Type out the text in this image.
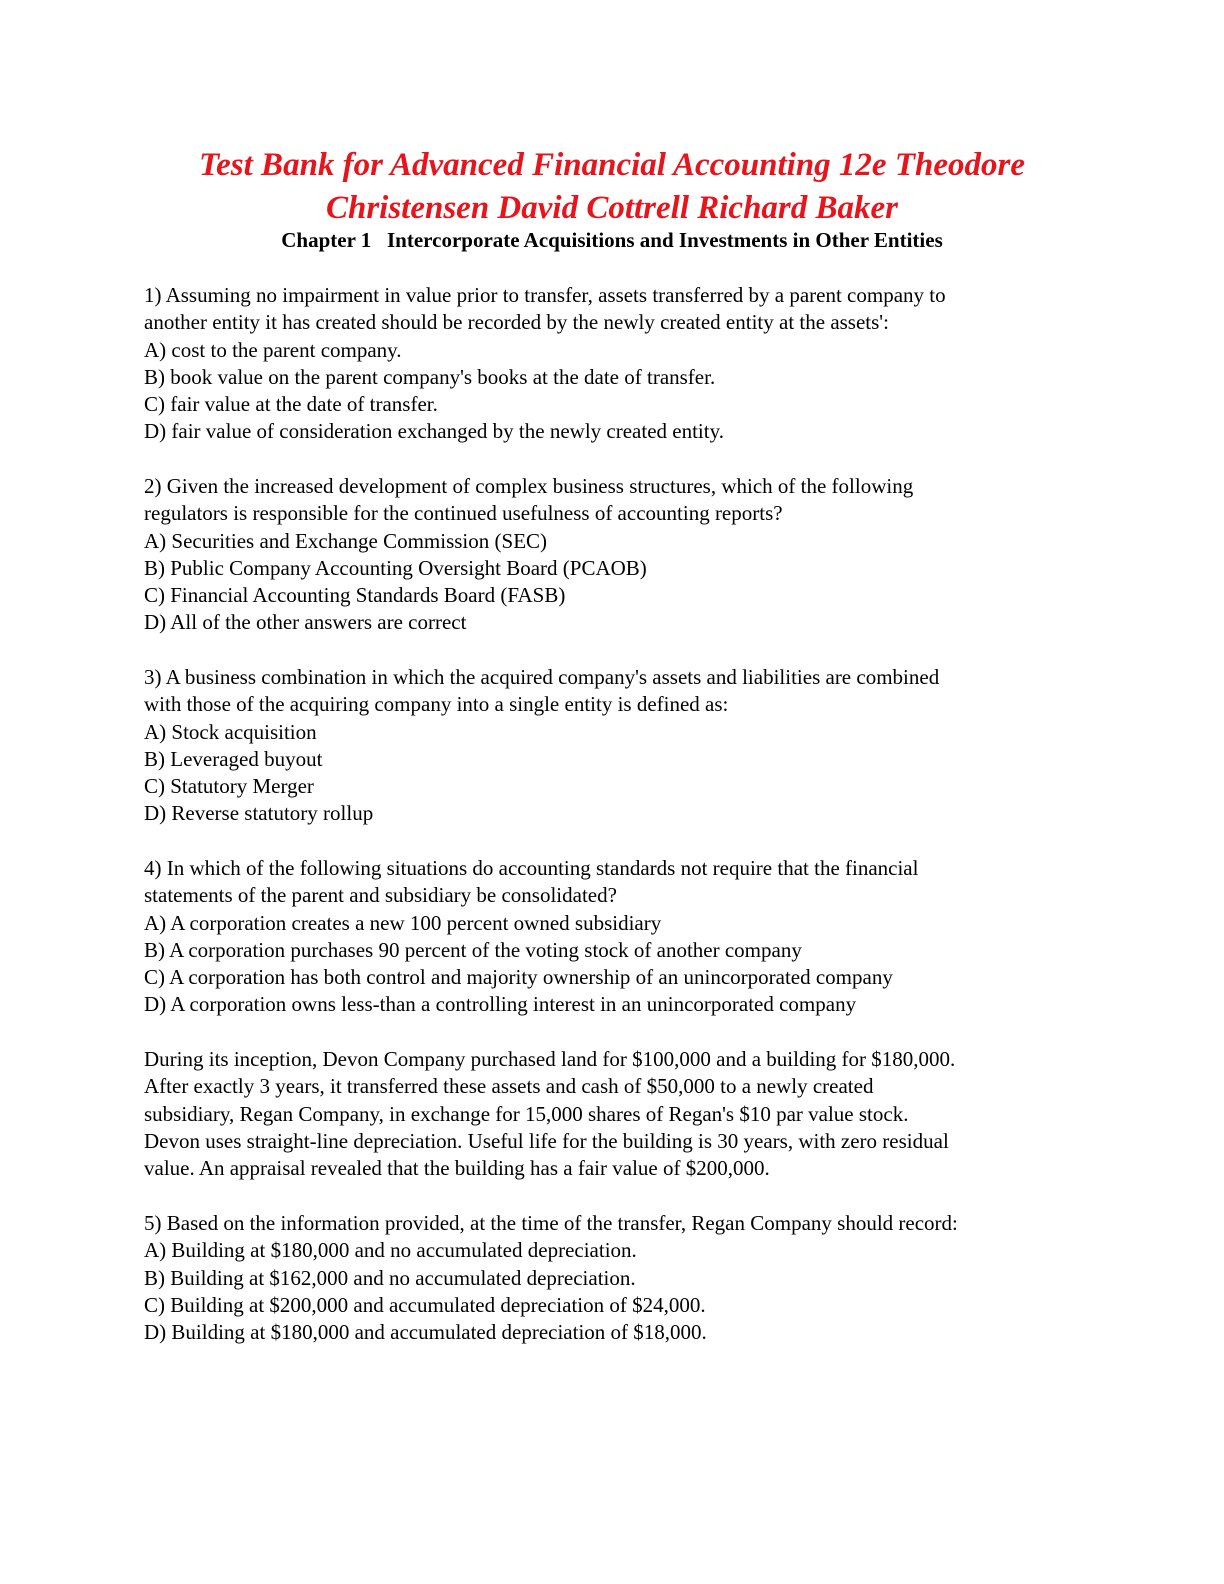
Test Bank for Advanced Financial Accounting 12e Theodore
Christensen David Cottrell Richard Baker
Chapter 1   Intercorporate Acquisitions and Investments in Other Entities
1) Assuming no impairment in value prior to transfer, assets transferred by a parent company to
another entity it has created should be recorded by the newly created entity at the assets':
A) cost to the parent company.
B) book value on the parent company's books at the date of transfer.
C) fair value at the date of transfer.
D) fair value of consideration exchanged by the newly created entity.
2) Given the increased development of complex business structures, which of the following
regulators is responsible for the continued usefulness of accounting reports?
A) Securities and Exchange Commission (SEC)
B) Public Company Accounting Oversight Board (PCAOB)
C) Financial Accounting Standards Board (FASB)
D) All of the other answers are correct
3) A business combination in which the acquired company's assets and liabilities are combined
with those of the acquiring company into a single entity is defined as:
A) Stock acquisition
B) Leveraged buyout
C) Statutory Merger
D) Reverse statutory rollup
4) In which of the following situations do accounting standards not require that the financial
statements of the parent and subsidiary be consolidated?
A) A corporation creates a new 100 percent owned subsidiary
B) A corporation purchases 90 percent of the voting stock of another company
C) A corporation has both control and majority ownership of an unincorporated company
D) A corporation owns less-than a controlling interest in an unincorporated company
During its inception, Devon Company purchased land for $100,000 and a building for $180,000.
After exactly 3 years, it transferred these assets and cash of $50,000 to a newly created
subsidiary, Regan Company, in exchange for 15,000 shares of Regan's $10 par value stock.
Devon uses straight-line depreciation. Useful life for the building is 30 years, with zero residual
value. An appraisal revealed that the building has a fair value of $200,000.
5) Based on the information provided, at the time of the transfer, Regan Company should record:
A) Building at $180,000 and no accumulated depreciation.
B) Building at $162,000 and no accumulated depreciation.
C) Building at $200,000 and accumulated depreciation of $24,000.
D) Building at $180,000 and accumulated depreciation of $18,000.
